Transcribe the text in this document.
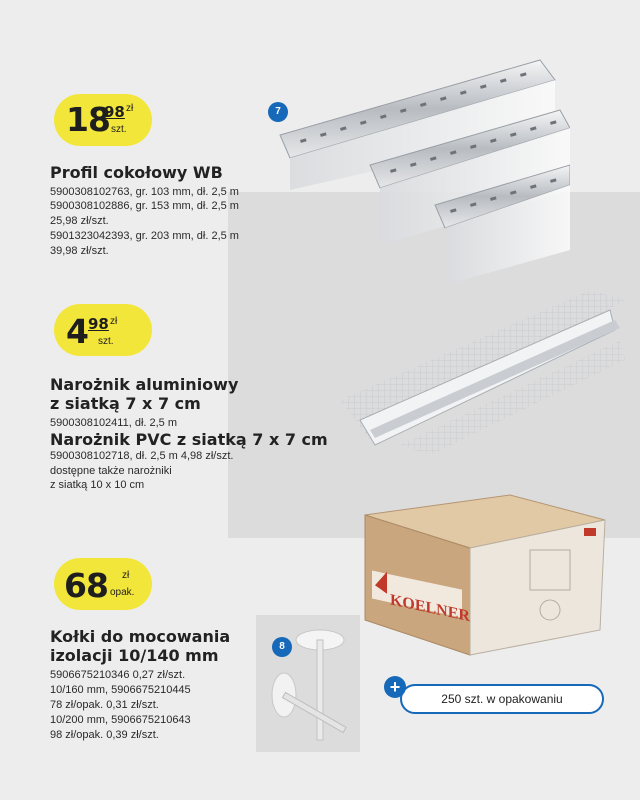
KOELNER
18
98 zł
szt.
7
Profil cokołowy WB
5900308102763, gr. 103 mm, dł. 2,5 m
5900308102886, gr. 153 mm, dł. 2,5 m
25,98 zł/szt.
5901323042393, gr. 203 mm, dł. 2,5 m
39,98 zł/szt.
4 98 zł
szt.
Narożnik aluminiowy
z siatką 7 x 7 cm
5900308102411, dł. 2,5 m
Narożnik PVC z siatką 7 x 7 cm
5900308102718, dł. 2,5 m 4,98 zł/szt.
dostępne także narożniki
z siatką 10 x 10 cm
68 zł
opak.
8
Kołki do mocowania
izolacji 10/140 mm
5906675210346 0,27 zł/szt.
10/160 mm, 5906675210445
78 zł/opak. 0,31 zł/szt.
10/200 mm, 5906675210643
98 zł/opak. 0,39 zł/szt.
250 szt. w opakowaniu
+
